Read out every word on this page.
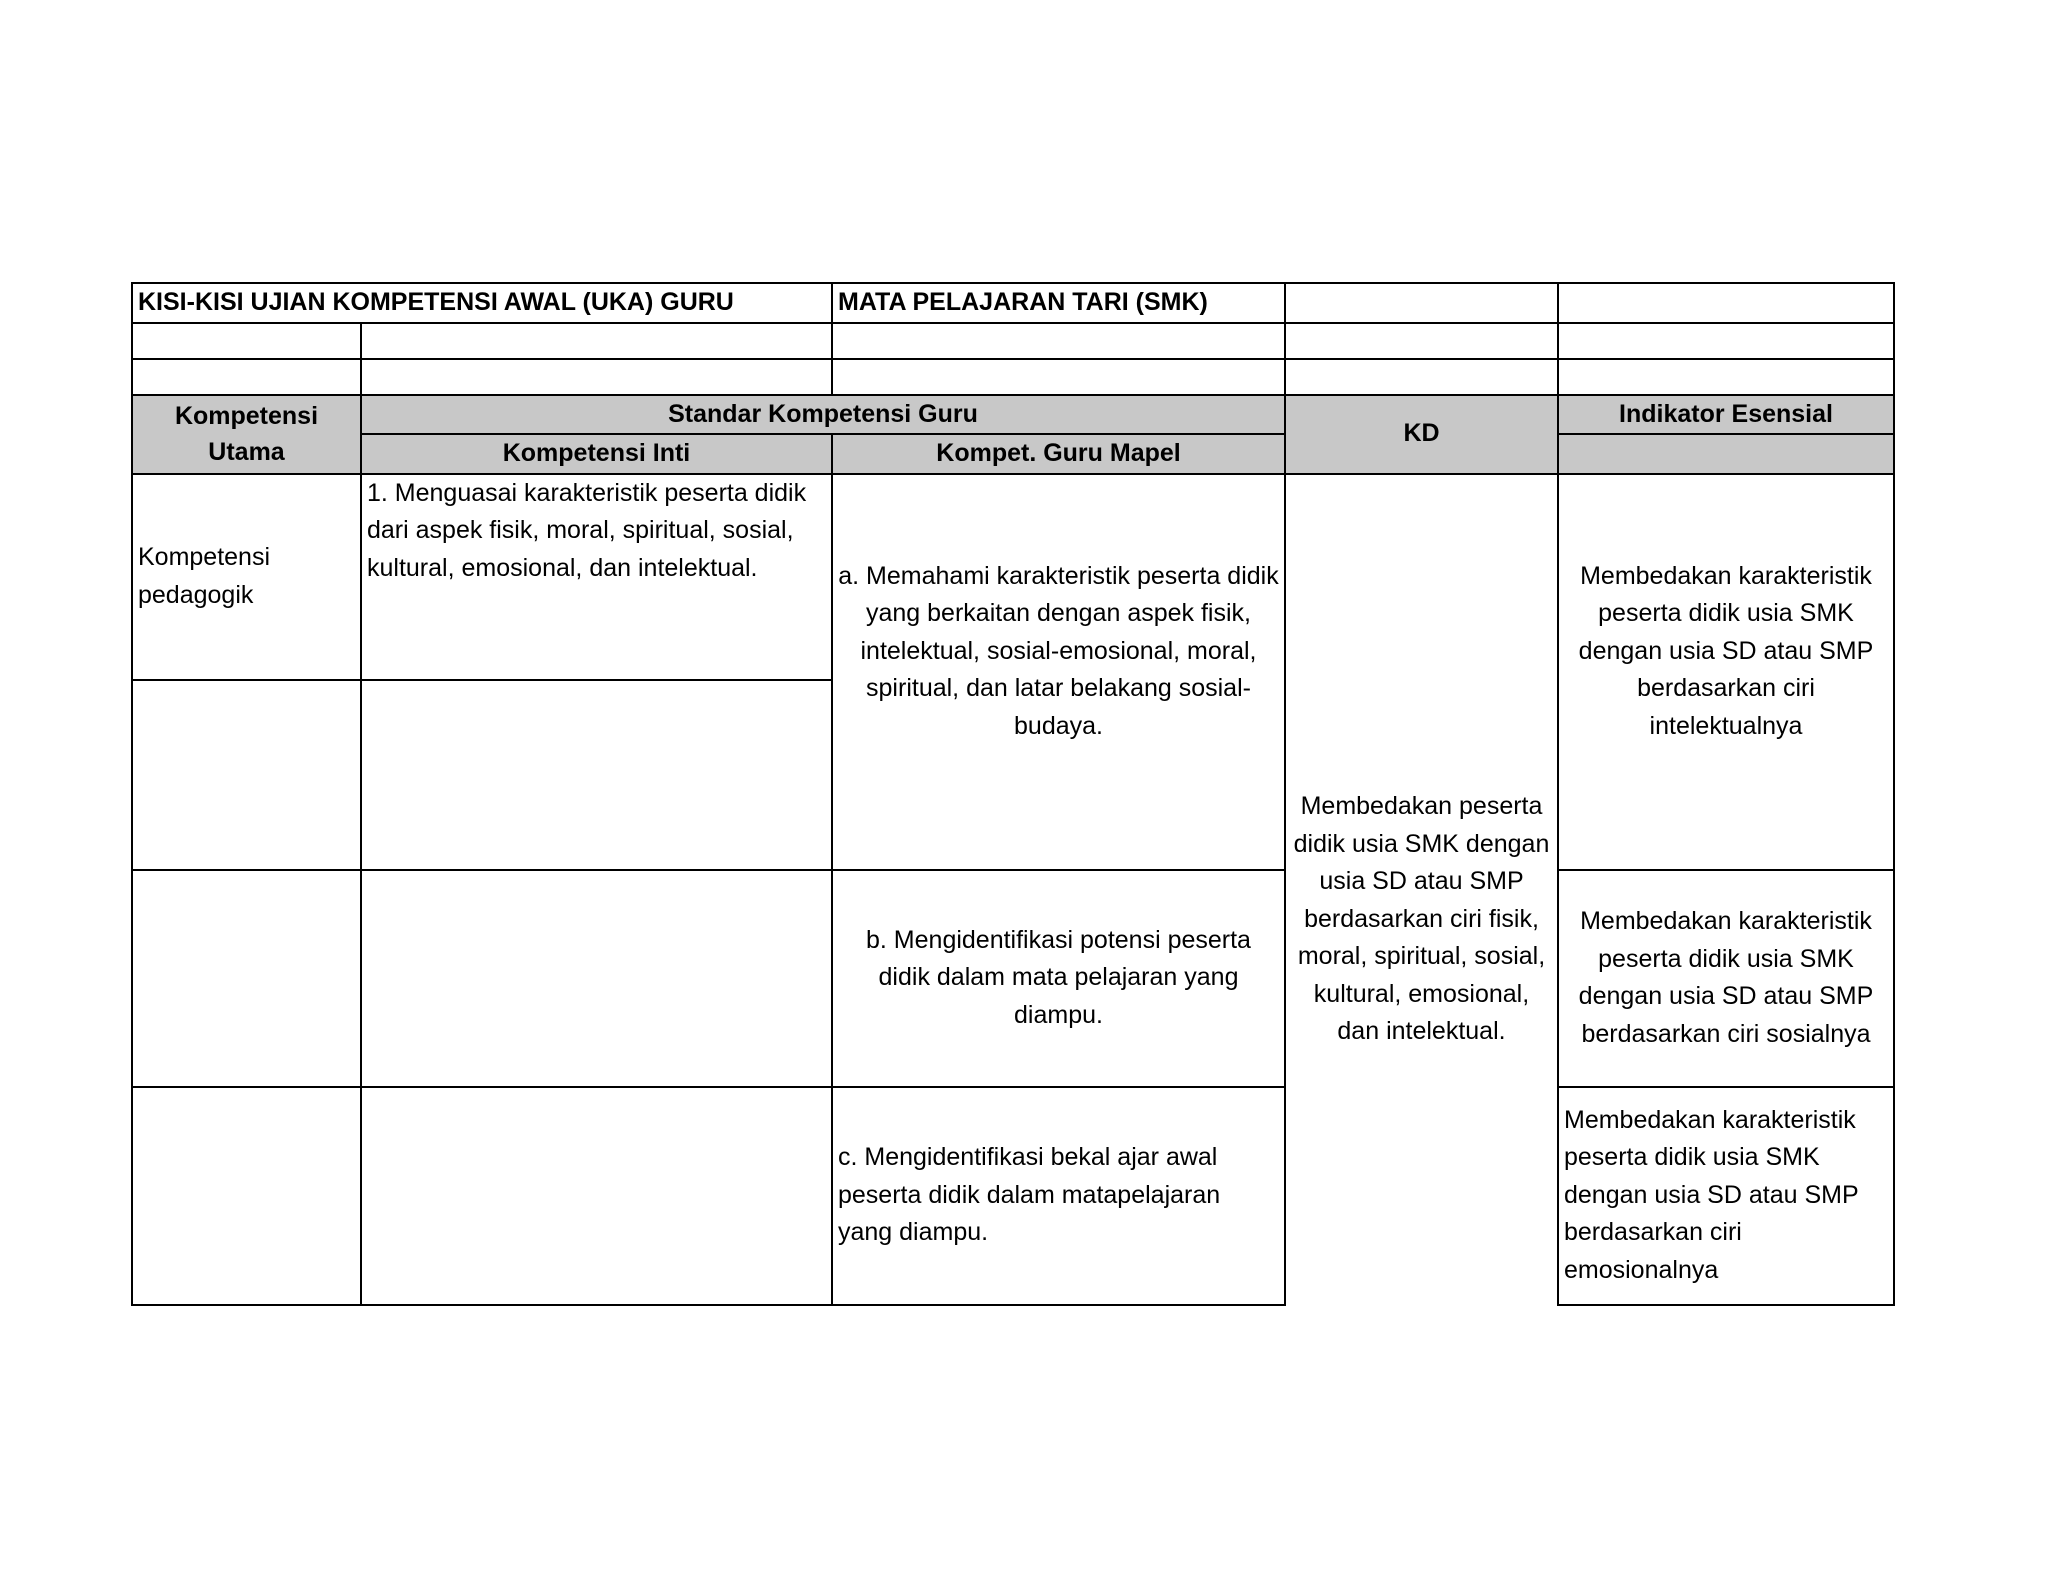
KISI-KISI UJIAN KOMPETENSI AWAL (UKA) GURU		MATA PELAJARAN TARI (SMK)		

Kompetensi Utama	Standar Kompetensi Guru		KD	Indikator Esensial
	Kompetensi Inti	Kompet. Guru Mapel		
Kompetensi pedagogik	1. Menguasai karakteristik peserta didik dari aspek fisik, moral, spiritual, sosial, kultural, emosional, dan intelektual.	a. Memahami karakteristik peserta didik yang berkaitan dengan aspek fisik, intelektual, sosial-emosional, moral, spiritual, dan latar belakang sosial-budaya.	Membedakan peserta didik usia SMK dengan usia SD atau SMP berdasarkan ciri fisik, moral, spiritual, sosial, kultural, emosional, dan intelektual.	Membedakan karakteristik peserta didik usia SMK dengan usia SD atau SMP berdasarkan ciri intelektualnya

		b. Mengidentifikasi potensi peserta didik dalam mata pelajaran yang diampu.		Membedakan karakteristik peserta didik usia SMK dengan usia SD atau SMP berdasarkan ciri sosialnya
		c. Mengidentifikasi bekal ajar awal peserta didik dalam matapelajaran yang diampu.		Membedakan karakteristik peserta didik usia SMK dengan usia SD atau SMP berdasarkan ciri emosionalnya
